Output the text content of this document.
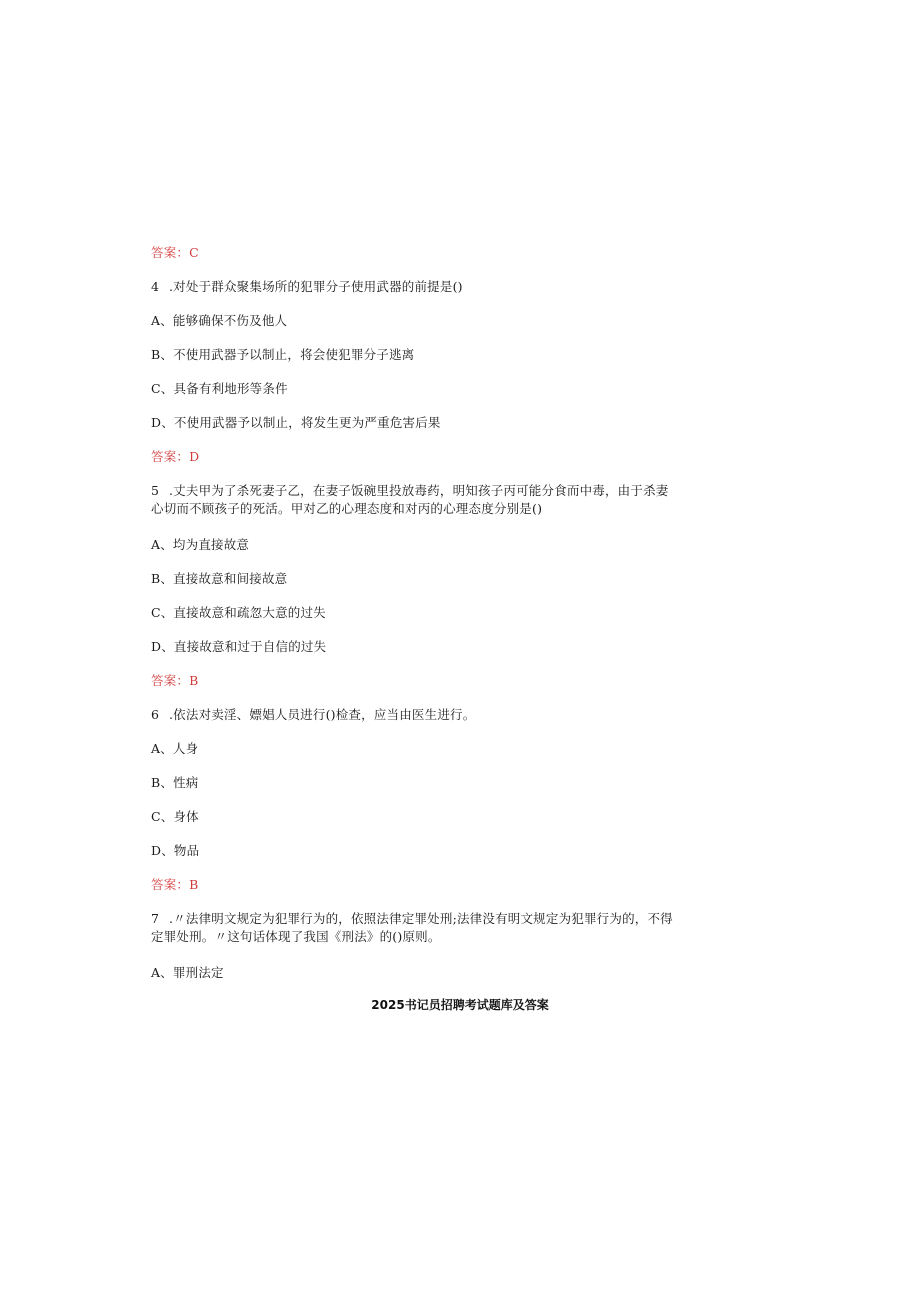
答案：C
4 .对处于群众聚集场所的犯罪分子使用武器的前提是()
A、能够确保不伤及他人
B、不使用武器予以制止，将会使犯罪分子逃离
C、具备有利地形等条件
D、不使用武器予以制止，将发生更为严重危害后果
答案：D
5 .丈夫甲为了杀死妻子乙，在妻子饭碗里投放毒药，明知孩子丙可能分食而中毒，由于杀妻
心切而不顾孩子的死活。甲对乙的心理态度和对丙的心理态度分别是()
A、均为直接故意
B、直接故意和间接故意
C、直接故意和疏忽大意的过失
D、直接故意和过于自信的过失
答案：B
6 .依法对卖淫、嫖娼人员进行()检查，应当由医生进行。
A、人身
B、性病
C、身体
D、物品
答案：B
7 .〃法律明文规定为犯罪行为的，依照法律定罪处刑;法律没有明文规定为犯罪行为的，不得
定罪处刑。〃这句话体现了我国《刑法》的()原则。
A、罪刑法定
2025书记员招聘考试题库及答案
